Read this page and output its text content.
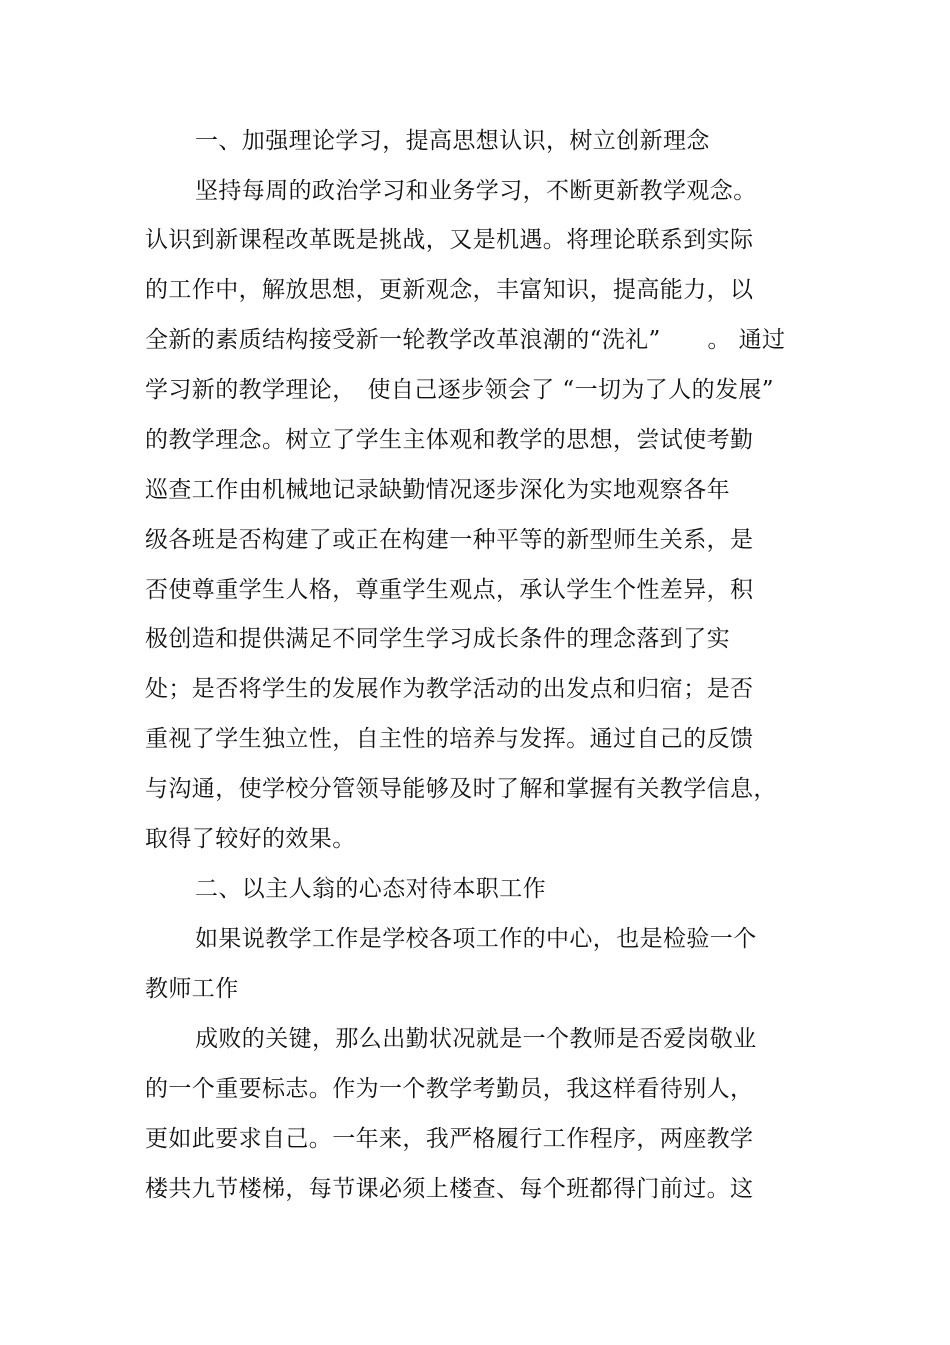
一、加强理论学习，提高思想认识，树立创新理念
坚持每周的政治学习和业务学习，不断更新教学观念。
认识到新课程改革既是挑战，又是机遇。将理论联系到实际
的工作中，解放思想，更新观念，丰富知识，提高能力，以
全新的素质结构接受新一轮教学改革浪潮的“洗礼”　　。 通过
学习新的教学理论，　使自己逐步领会了 “一切为了人的发展”
的教学理念。树立了学生主体观和教学的思想，尝试使考勤
巡查工作由机械地记录缺勤情况逐步深化为实地观察各年
级各班是否构建了或正在构建一种平等的新型师生关系，是
否使尊重学生人格，尊重学生观点，承认学生个性差异，积
极创造和提供满足不同学生学习成长条件的理念落到了实
处；是否将学生的发展作为教学活动的出发点和归宿；是否
重视了学生独立性，自主性的培养与发挥。通过自己的反馈
与沟通，使学校分管领导能够及时了解和掌握有关教学信息，
取得了较好的效果。
二、以主人翁的心态对待本职工作
如果说教学工作是学校各项工作的中心，也是检验一个
教师工作
成败的关键，那么出勤状况就是一个教师是否爱岗敬业
的一个重要标志。作为一个教学考勤员，我这样看待别人，
更如此要求自己。一年来，我严格履行工作程序，两座教学
楼共九节楼梯，每节课必须上楼查、每个班都得门前过。这
